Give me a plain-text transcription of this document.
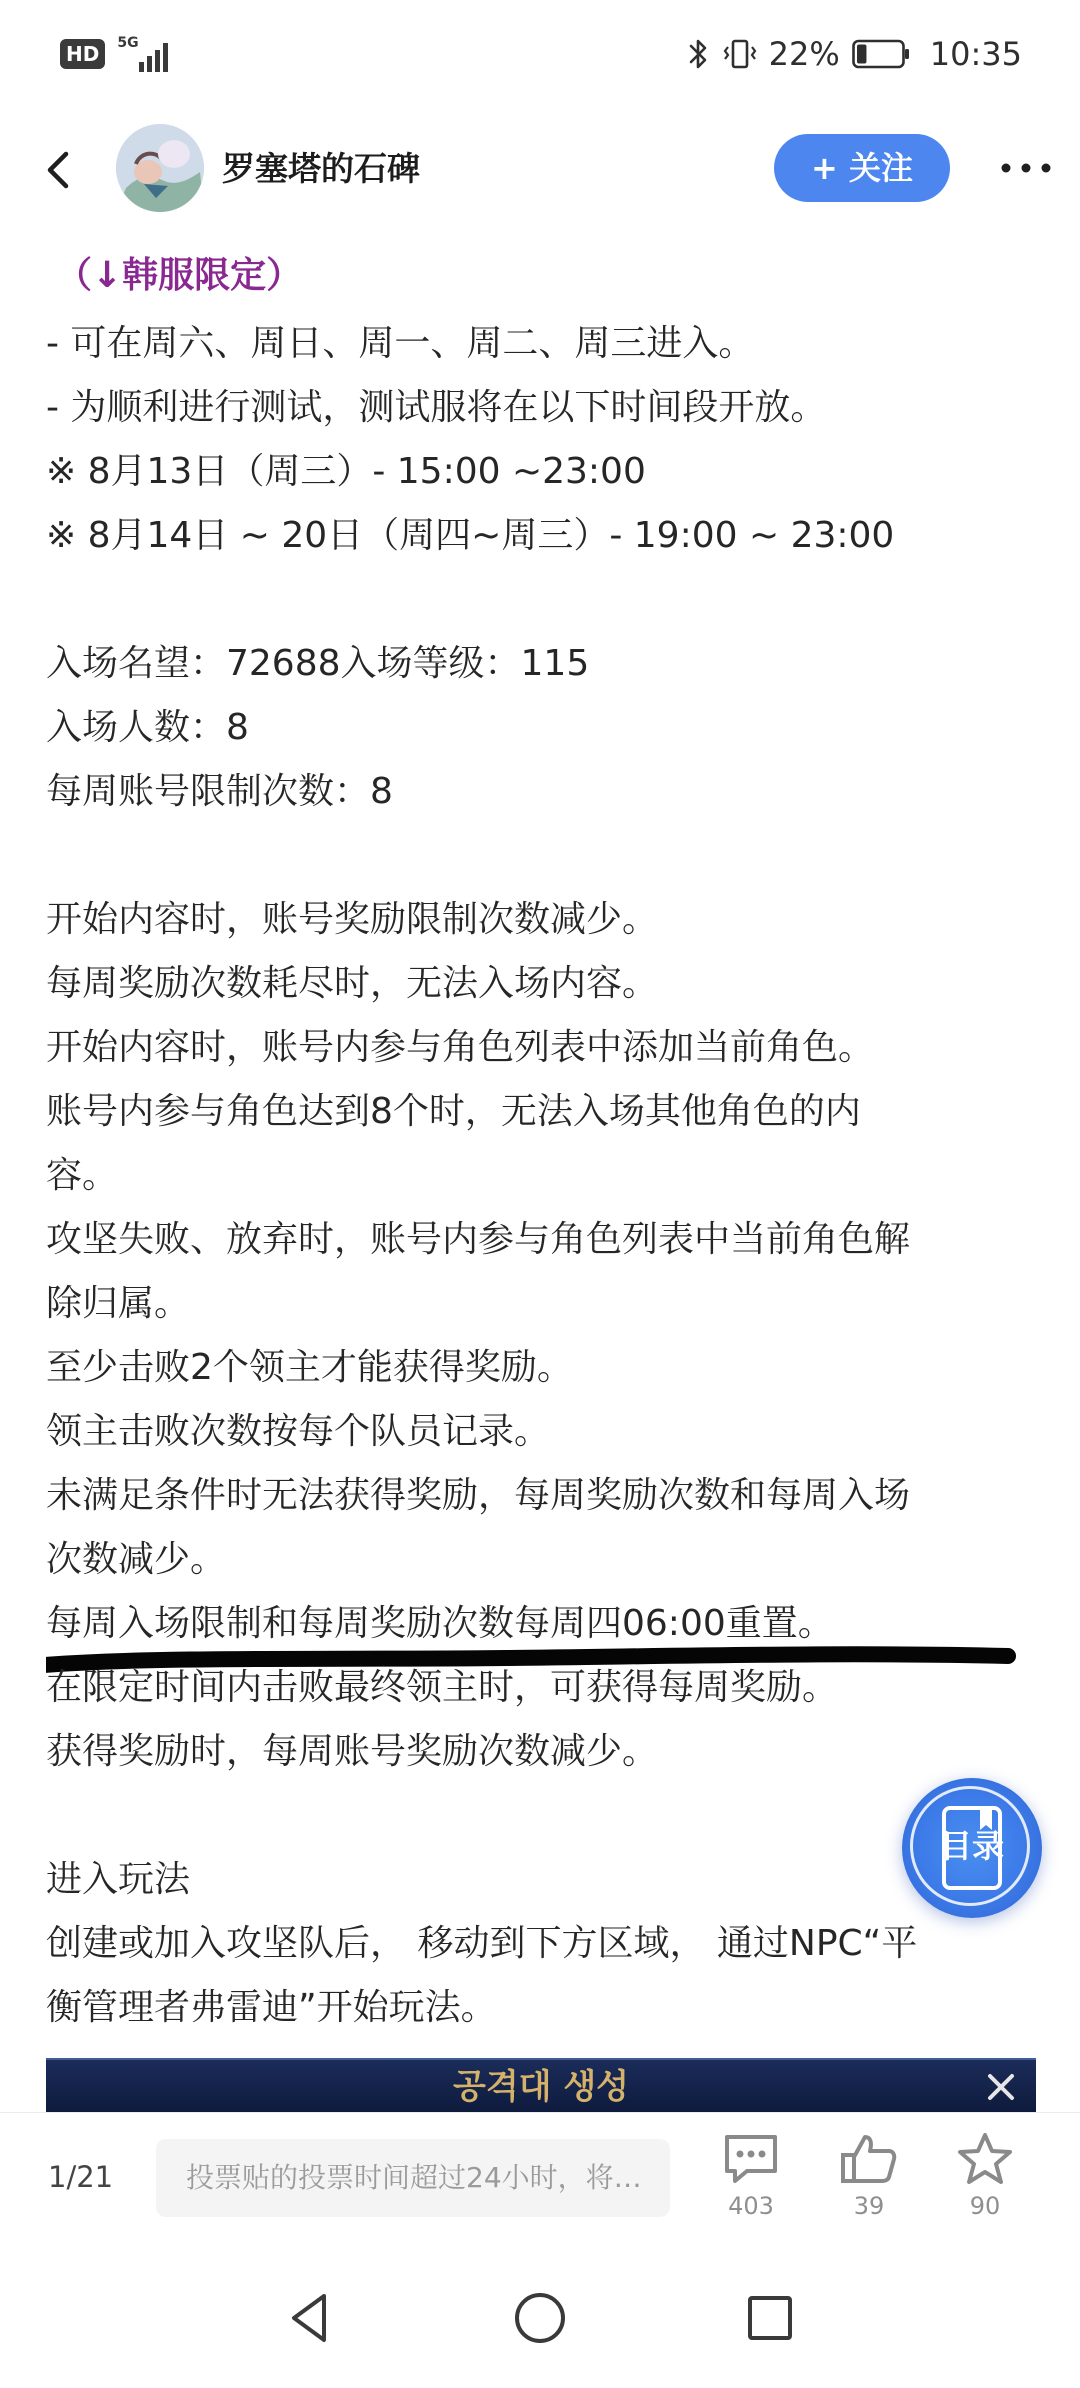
HD	5G	22%	10:35
罗塞塔的石碑	+ 关注
（↓韩服限定）
- 可在周六、周日、周一、周二、周三进入。
- 为顺利进行测试，测试服将在以下时间段开放。
※ 8月13日（周三）- 15:00 ~23:00
※ 8月14日 ~ 20日（周四~周三）- 19:00 ~ 23:00
入场名望：72688入场等级：115
入场人数：8
每周账号限制次数：8
开始内容时，账号奖励限制次数减少。
每周奖励次数耗尽时，无法入场内容。
开始内容时，账号内参与角色列表中添加当前角色。
账号内参与角色达到8个时，无法入场其他角色的内
容。
攻坚失败、放弃时，账号内参与角色列表中当前角色解
除归属。
至少击败2个领主才能获得奖励。
领主击败次数按每个队员记录。
未满足条件时无法获得奖励，每周奖励次数和每周入场
次数减少。
每周入场限制和每周奖励次数每周四06:00重置。
在限定时间内击败最终领主时，可获得每周奖励。
获得奖励时，每周账号奖励次数减少。
进入玩法
创建或加入攻坚队后， 移动到下方区域， 通过NPC“平
衡管理者弗雷迪”开始玩法。
目录
공격대 생성
1/21	投票贴的投票时间超过24小时，将…
403	39	90
